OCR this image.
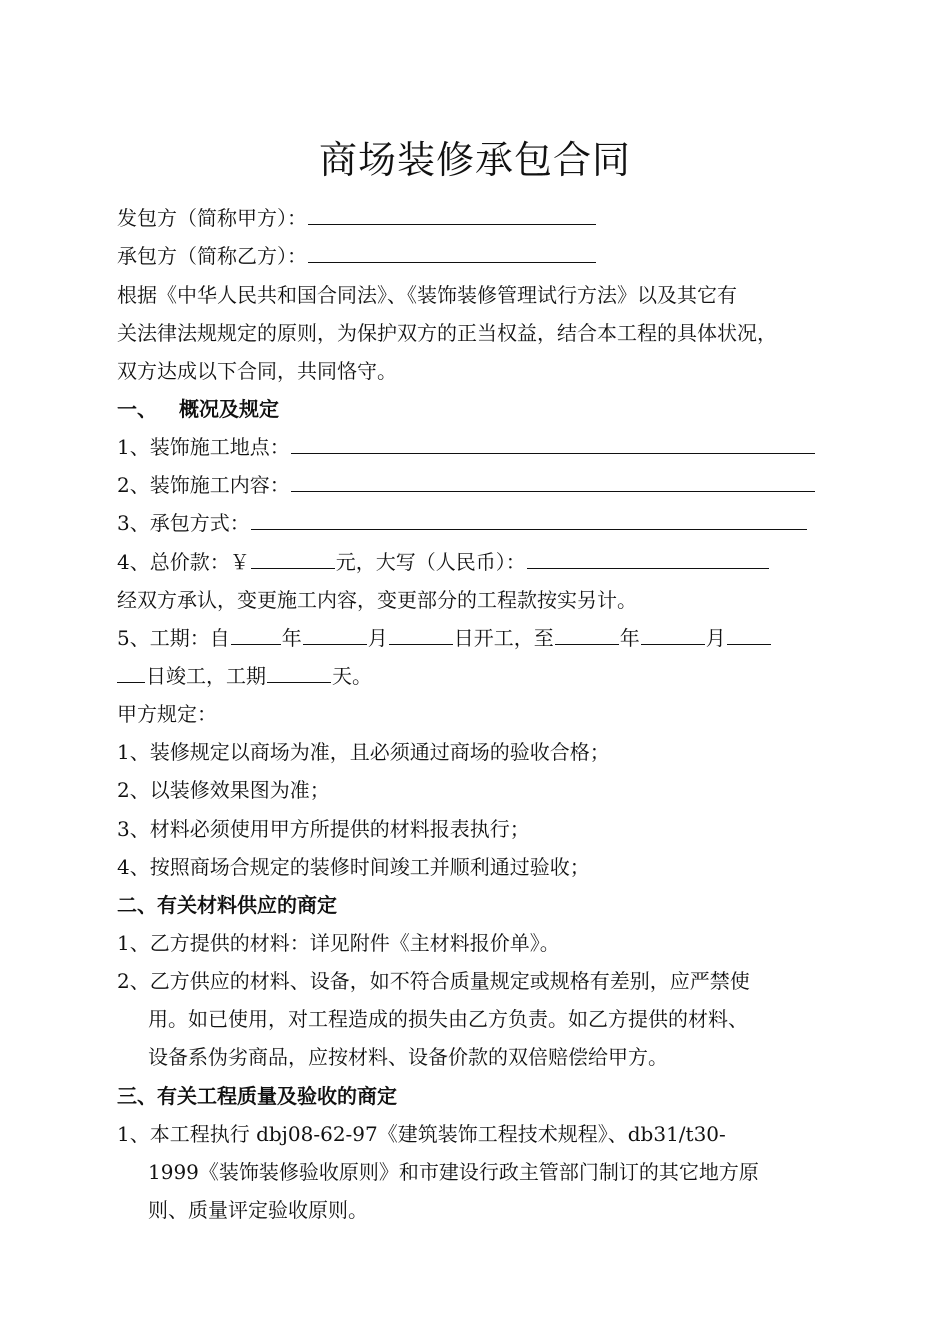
商场装修承包合同
发包方（简称甲方）：
承包方（简称乙方）：
根据《中华人民共和国合同法》、《装饰装修管理试行方法》以及其它有
关法律法规规定的原则，为保护双方的正当权益，结合本工程的具体状况，
双方达成以下合同，共同恪守。
一、 概况及规定
1、装饰施工地点：
2、装饰施工内容：
3、承包方式：
4、总价款：￥	元，大写（人民币）：
经双方承认，变更施工内容，变更部分的工程款按实另计。
5、工期：自	年	月	日开工，至	年	月
日竣工，工期	天。
甲方规定：
1、装修规定以商场为准，且必须通过商场的验收合格；
2、以装修效果图为准；
3、材料必须使用甲方所提供的材料报表执行；
4、按照商场合规定的装修时间竣工并顺利通过验收；
二、有关材料供应的商定
1、乙方提供的材料：详见附件《主材料报价单》。
2、乙方供应的材料、设备，如不符合质量规定或规格有差别，应严禁使
用。如已使用，对工程造成的损失由乙方负责。如乙方提供的材料、
设备系伪劣商品，应按材料、设备价款的双倍赔偿给甲方。
三、有关工程质量及验收的商定
1、本工程执行 dbj08-62-97《建筑装饰工程技术规程》、db31/t30-
1999《装饰装修验收原则》和市建设行政主管部门制订的其它地方原
则、质量评定验收原则。
